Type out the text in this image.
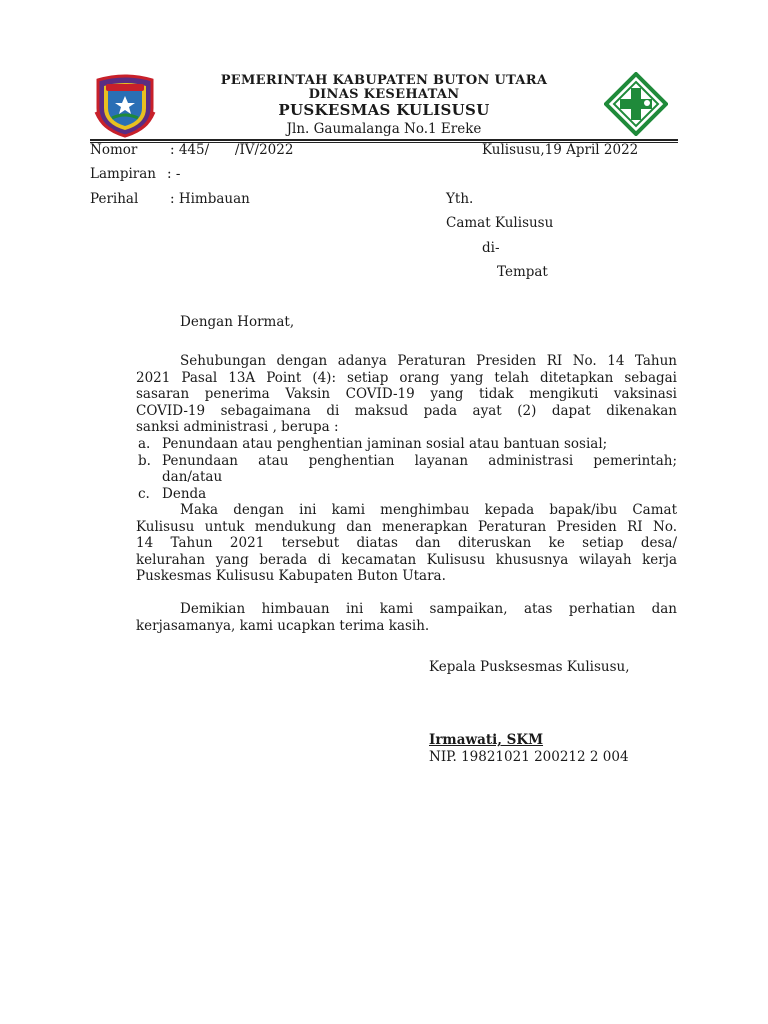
PEMERINTAH KABUPATEN BUTON UTARA
DINAS KESEHATAN
PUSKESMAS KULISUSU
Jln. Gaumalanga No.1 Ereke
Nomor : 445/      /IV/2022	Kulisusu,19 April 2022
Lampiran : -
Perihal : Himbauan	Yth.
Camat Kulisusu
di-
Tempat
Dengan Hormat,
Sehubungan dengan adanya Peraturan Presiden RI No. 14 Tahun
2021 Pasal 13A Point (4): setiap orang yang telah ditetapkan sebagai
sasaran penerima Vaksin COVID-19 yang tidak mengikuti vaksinasi
COVID-19 sebagaimana di maksud pada ayat (2) dapat dikenakan
sanksi administrasi , berupa :
a. Penundaan atau penghentian jaminan sosial atau bantuan sosial;
b. Penundaan atau penghentian layanan administrasi pemerintah;
dan/atau
c. Denda
Maka dengan ini kami menghimbau kepada bapak/ibu Camat
Kulisusu untuk mendukung dan menerapkan Peraturan Presiden RI No.
14 Tahun 2021 tersebut diatas dan diteruskan ke setiap desa/
kelurahan yang berada di kecamatan Kulisusu khususnya wilayah kerja
Puskesmas Kulisusu Kabupaten Buton Utara.
Demikian himbauan ini kami sampaikan, atas perhatian dan
kerjasamanya, kami ucapkan terima kasih.
Kepala Pusksesmas Kulisusu,
Irmawati, SKM
NIP. 19821021 200212 2 004
